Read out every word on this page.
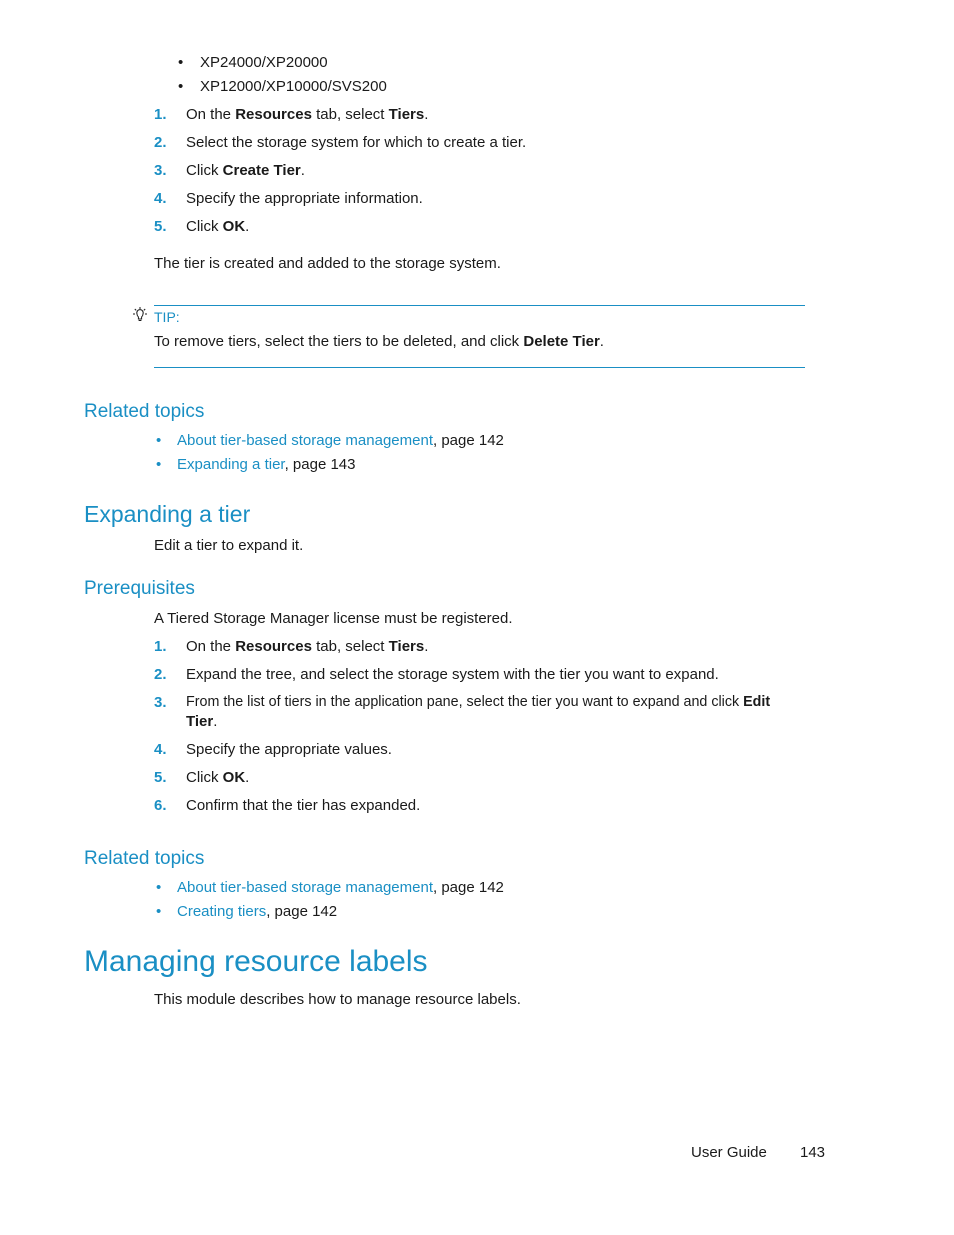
• XP24000/XP20000
• XP12000/XP10000/SVS200
1. On the Resources tab, select Tiers.
2. Select the storage system for which to create a tier.
3. Click Create Tier.
4. Specify the appropriate information.
5. Click OK.
The tier is created and added to the storage system.
TIP:
To remove tiers, select the tiers to be deleted, and click Delete Tier.
Related topics
• About tier-based storage management, page 142
• Expanding a tier, page 143
Expanding a tier
Edit a tier to expand it.
Prerequisites
A Tiered Storage Manager license must be registered.
1. On the Resources tab, select Tiers.
2. Expand the tree, and select the storage system with the tier you want to expand.
3. From the list of tiers in the application pane, select the tier you want to expand and click Edit
Tier.
4. Specify the appropriate values.
5. Click OK.
6. Confirm that the tier has expanded.
Related topics
• About tier-based storage management, page 142
• Creating tiers, page 142
Managing resource labels
This module describes how to manage resource labels.
User Guide 143
